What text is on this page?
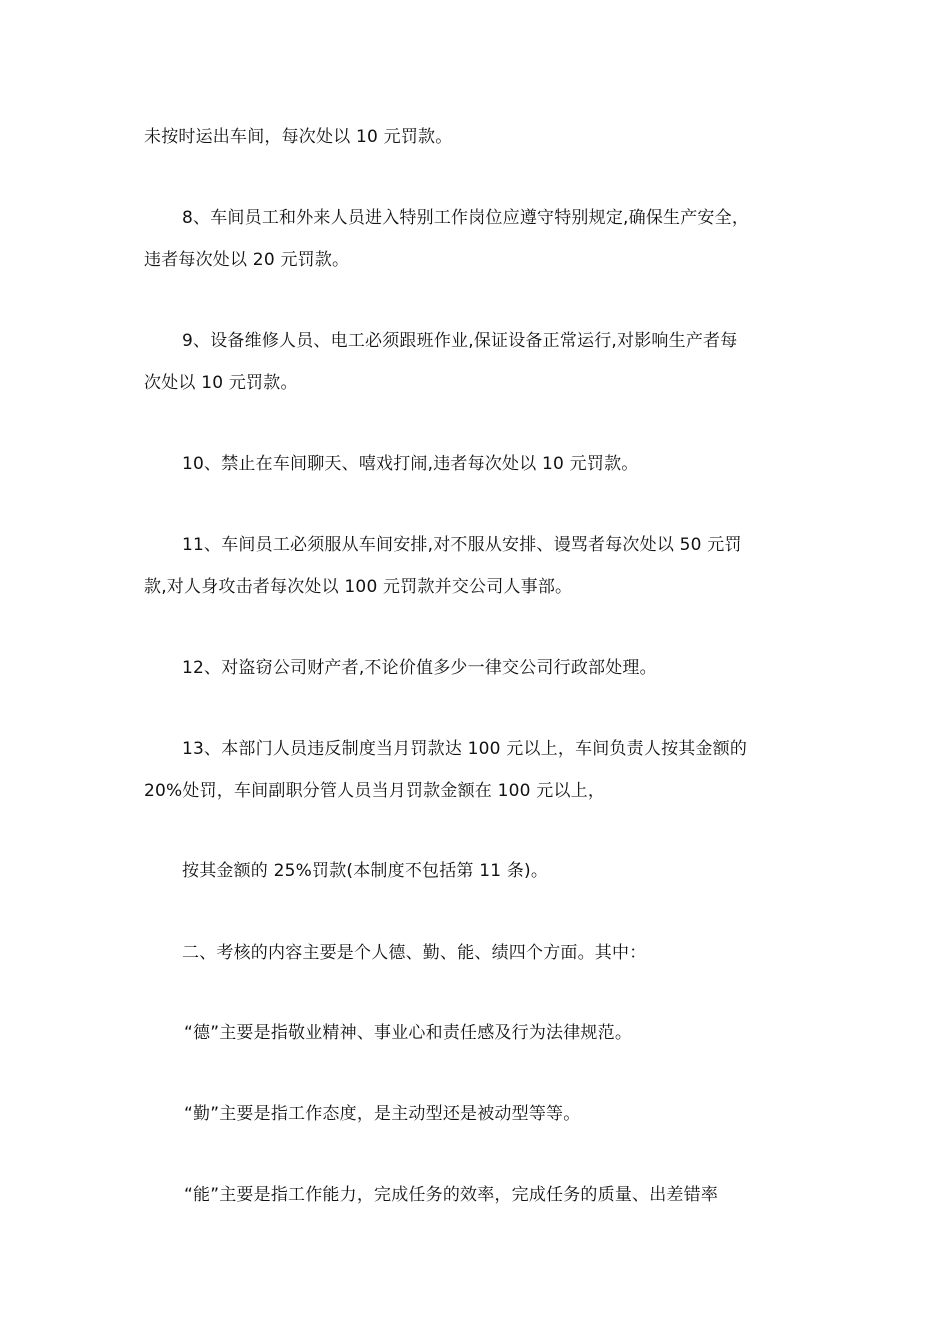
未按时运出车间，每次处以 10 元罚款。
8、车间员工和外来人员进入特别工作岗位应遵守特别规定,确保生产安全，
违者每次处以 20 元罚款。
9、设备维修人员、电工必须跟班作业,保证设备正常运行,对影响生产者每
次处以 10 元罚款。
10、禁止在车间聊天、嘻戏打闹,违者每次处以 10 元罚款。
11、车间员工必须服从车间安排,对不服从安排、谩骂者每次处以 50 元罚
款,对人身攻击者每次处以 100 元罚款并交公司人事部。
12、对盗窃公司财产者,不论价值多少一律交公司行政部处理。
13、本部门人员违反制度当月罚款达 100 元以上，车间负责人按其金额的
20%处罚，车间副职分管人员当月罚款金额在 100 元以上，
按其金额的 25%罚款(本制度不包括第 11 条)。
二、考核的内容主要是个人德、勤、能、绩四个方面。其中：
“德”主要是指敬业精神、事业心和责任感及行为法律规范。
“勤”主要是指工作态度，是主动型还是被动型等等。
“能”主要是指工作能力，完成任务的效率，完成任务的质量、出差错率
